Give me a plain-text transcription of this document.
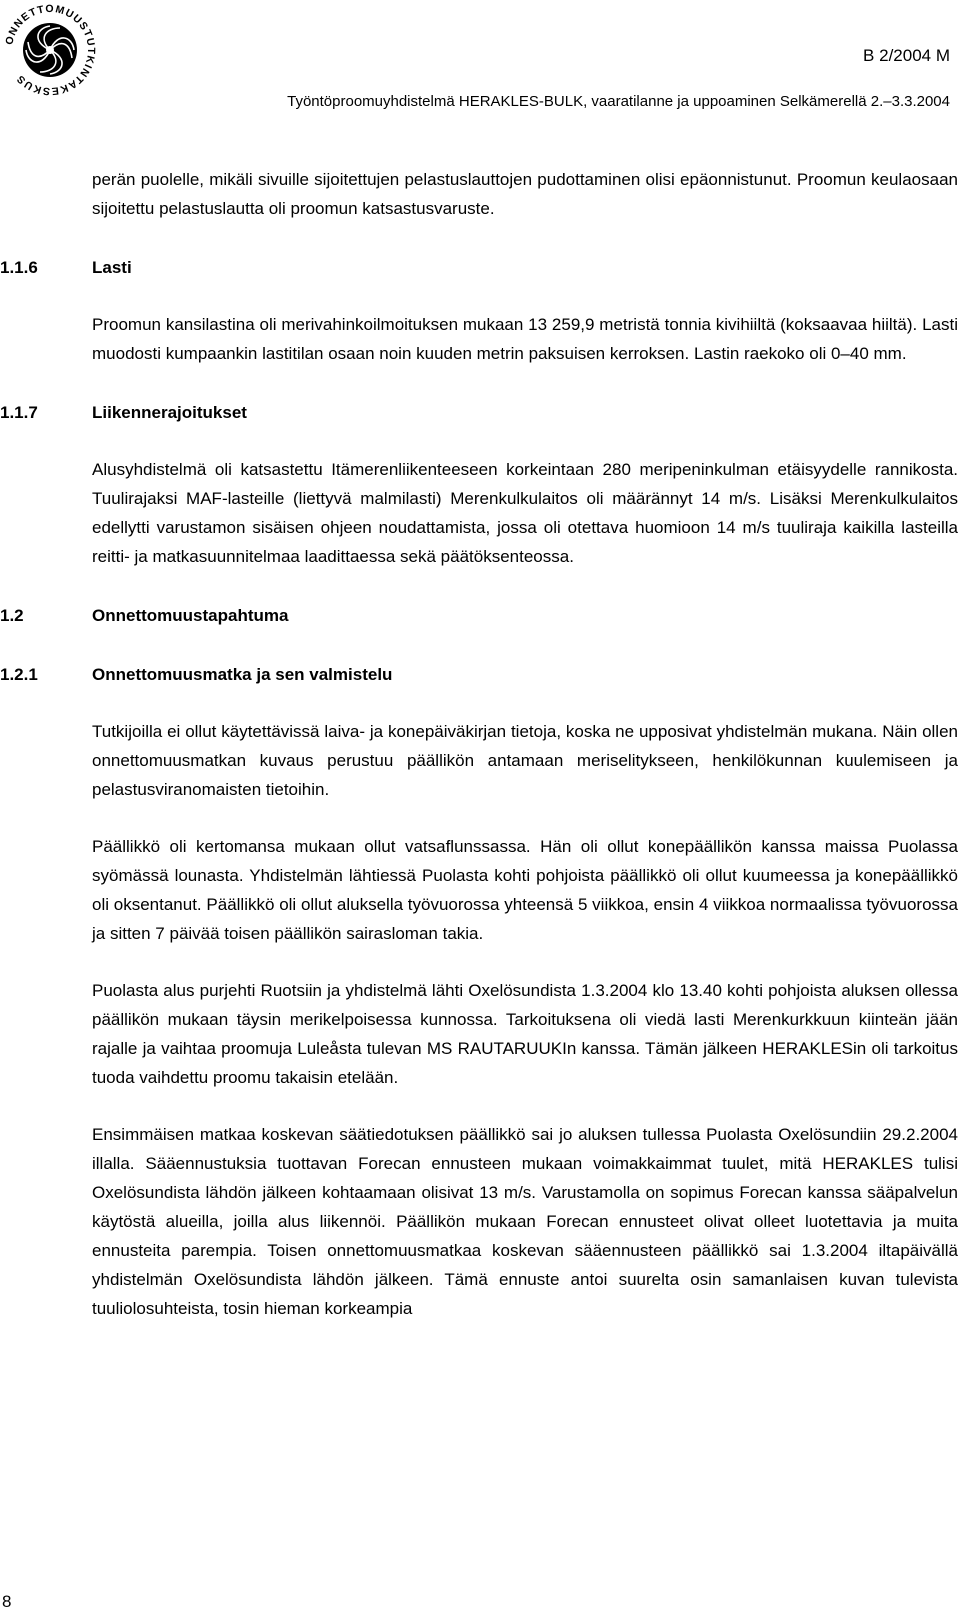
ONNETTOMUUSTUTKINTAKESKUS
B 2/2004 M
Työntöproomuyhdistelmä HERAKLES-BULK, vaaratilanne ja uppoaminen Selkämerellä 2.–3.3.2004

perän puolelle, mikäli sivuille sijoitettujen pelastuslauttojen pudottaminen olisi epäonnistunut. Proomun keulaosaan sijoitettu pelastuslautta oli proomun katsastusvaruste.

1.1.6	Lasti

Proomun kansilastina oli merivahinkoilmoituksen mukaan 13 259,9 metristä tonnia kivihiiltä (koksaavaa hiiltä). Lasti muodosti kumpaankin lastitilan osaan noin kuuden metrin paksuisen kerroksen. Lastin raekoko oli 0–40 mm.

1.1.7	Liikennerajoitukset

Alusyhdistelmä oli katsastettu Itämerenliikenteeseen korkeintaan 280 meripeninkulman etäisyydelle rannikosta. Tuulirajaksi MAF-lasteille (liettyvä malmilasti) Merenkulkulaitos oli määrännyt 14 m/s. Lisäksi Merenkulkulaitos edellytti varustamon sisäisen ohjeen noudattamista, jossa oli otettava huomioon 14 m/s tuuliraja kaikilla lasteilla reitti- ja matkasuunnitelmaa laadittaessa sekä päätöksenteossa.

1.2	Onnettomuustapahtuma
1.2.1	Onnettomuusmatka ja sen valmistelu

Tutkijoilla ei ollut käytettävissä laiva- ja konepäiväkirjan tietoja, koska ne upposivat yhdistelmän mukana. Näin ollen onnettomuusmatkan kuvaus perustuu päällikön antamaan meriselitykseen, henkilökunnan kuulemiseen ja pelastusviranomaisten tietoihin.

Päällikkö oli kertomansa mukaan ollut vatsaflunssassa. Hän oli ollut konepäällikön kanssa maissa Puolassa syömässä lounasta. Yhdistelmän lähtiessä Puolasta kohti pohjoista päällikkö oli ollut kuumeessa ja konepäällikkö oli oksentanut. Päällikkö oli ollut aluksella työvuorossa yhteensä 5 viikkoa, ensin 4 viikkoa normaalissa työvuorossa ja sitten 7 päivää toisen päällikön sairasloman takia.

Puolasta alus purjehti Ruotsiin ja yhdistelmä lähti Oxelösundista 1.3.2004 klo 13.40 kohti pohjoista aluksen ollessa päällikön mukaan täysin merikelpoisessa kunnossa. Tarkoituksena oli viedä lasti Merenkurkkuun kiinteän jään rajalle ja vaihtaa proomuja Luleåsta tulevan MS RAUTARUUKIn kanssa. Tämän jälkeen HERAKLESin oli tarkoitus tuoda vaihdettu proomu takaisin etelään.

Ensimmäisen matkaa koskevan säätiedotuksen päällikkö sai jo aluksen tullessa Puolasta Oxelösundiin 29.2.2004 illalla. Sääennustuksia tuottavan Forecan ennusteen mukaan voimakkaimmat tuulet, mitä HERAKLES tulisi Oxelösundista lähdön jälkeen kohtaamaan olisivat 13 m/s. Varustamolla on sopimus Forecan kanssa sääpalvelun käytöstä alueilla, joilla alus liikennöi. Päällikön mukaan Forecan ennusteet olivat olleet luotettavia ja muita ennusteita parempia. Toisen onnettomuusmatkaa koskevan sääennusteen päällikkö sai 1.3.2004 iltapäivällä yhdistelmän Oxelösundista lähdön jälkeen. Tämä ennuste antoi suurelta osin samanlaisen kuvan tulevista tuuliolosuhteista, tosin hieman korkeampia

8
